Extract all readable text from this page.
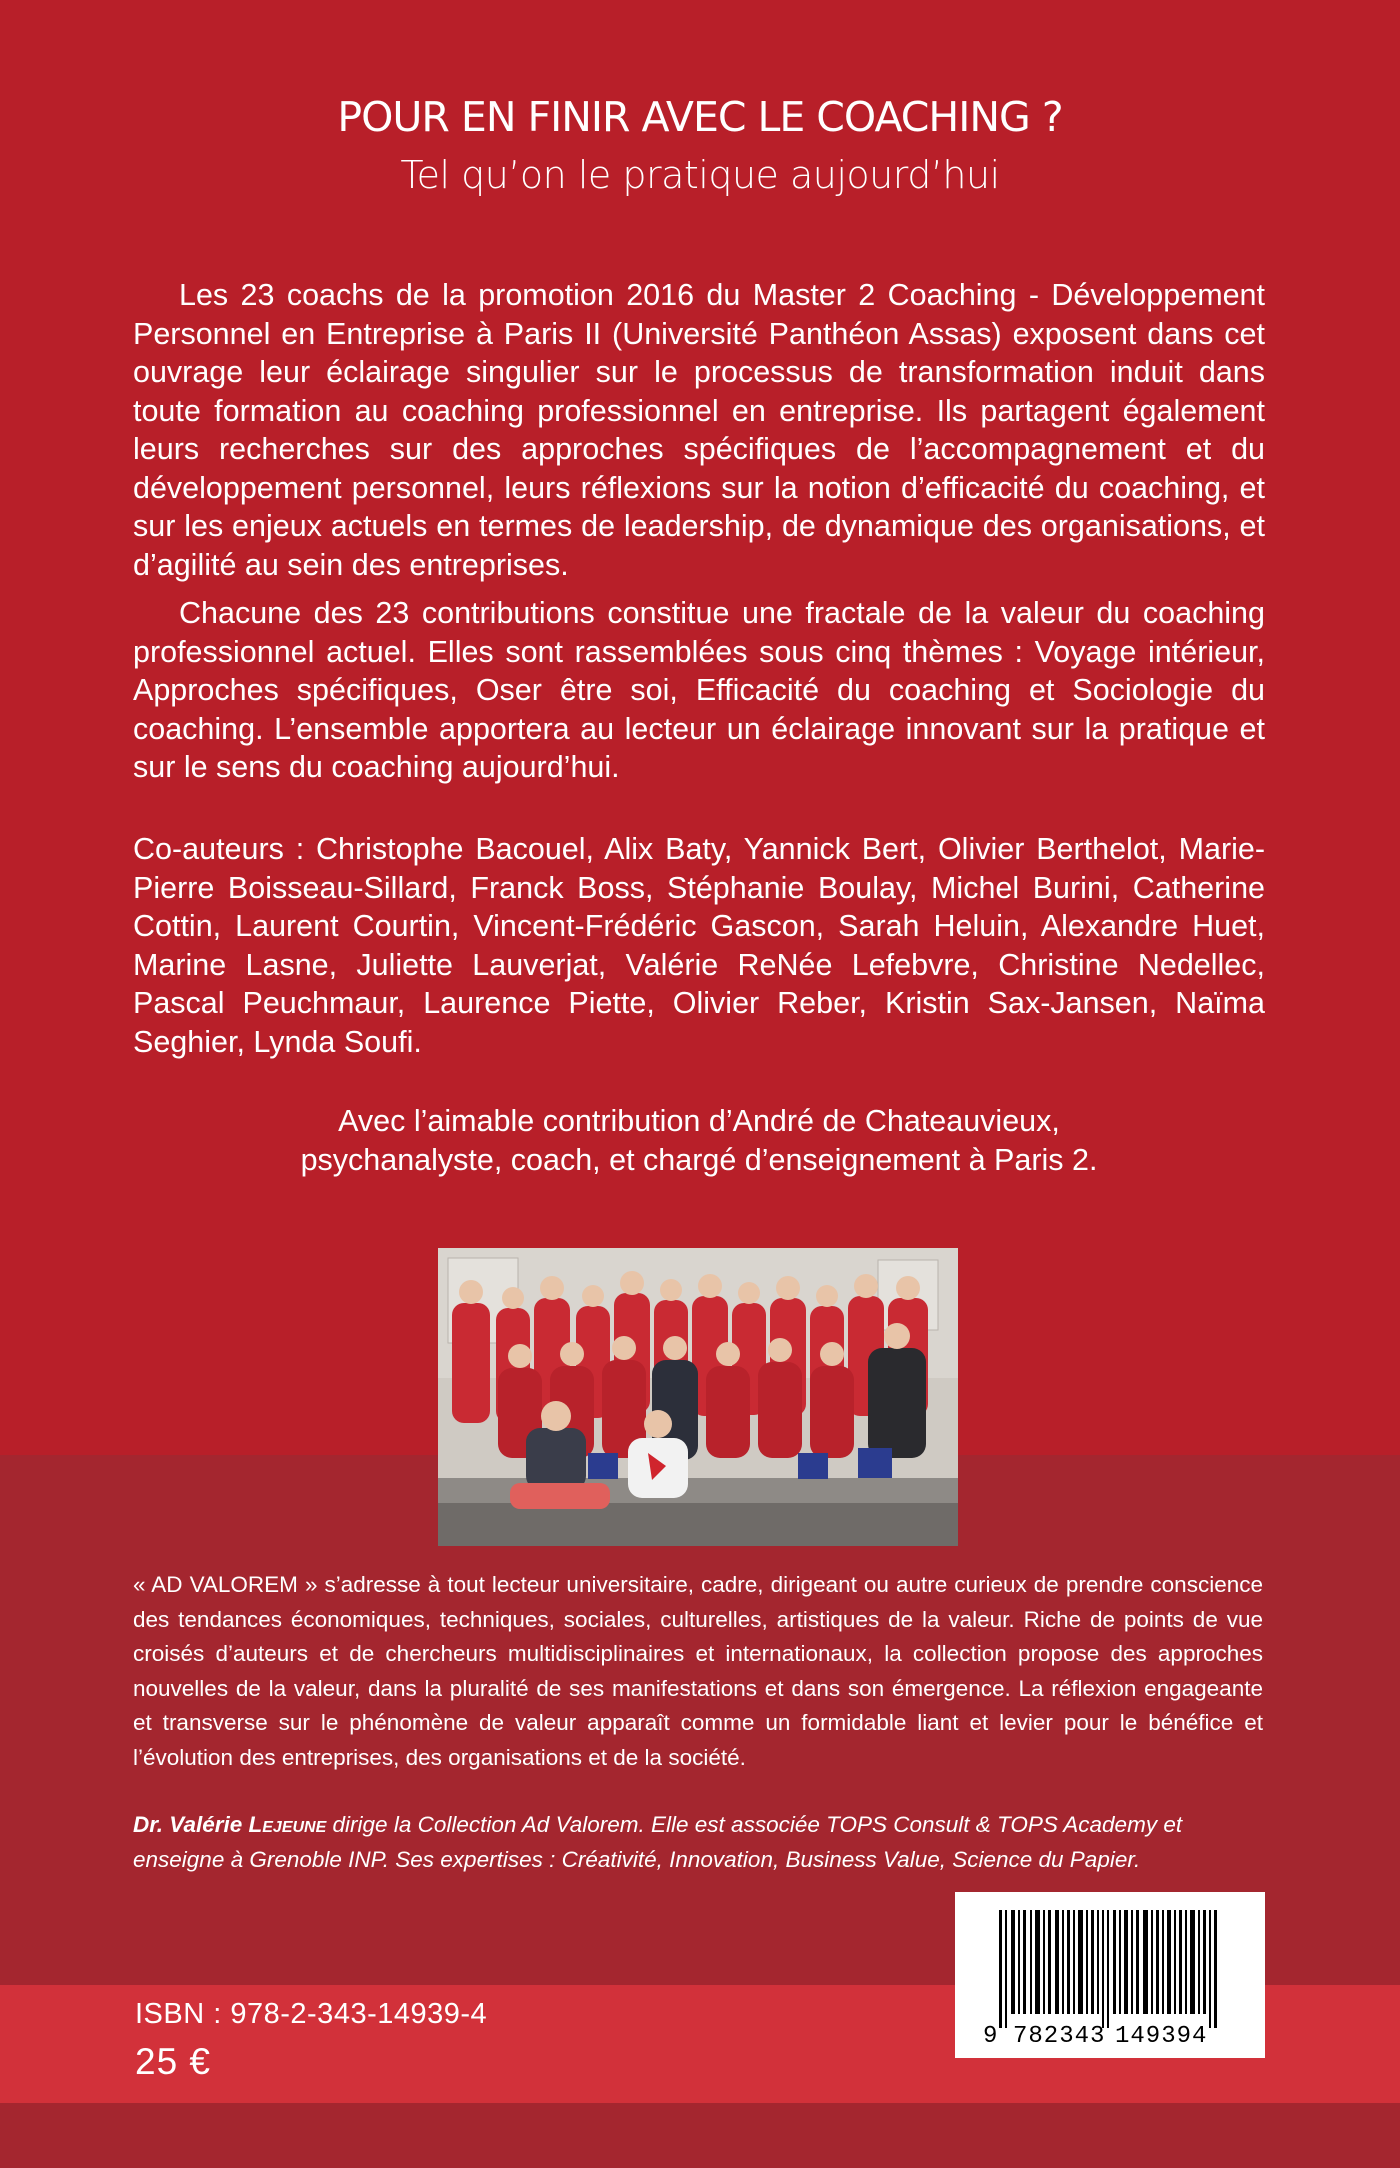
POUR EN FINIR AVEC LE COACHING ?
Tel qu’on le pratique aujourd’hui

Les 23 coachs de la promotion 2016 du Master 2 Coaching - Développement Personnel en Entreprise à Paris II (Université Panthéon Assas) exposent dans cet ouvrage leur éclairage singulier sur le processus de transformation induit dans toute formation au coaching professionnel en entreprise. Ils partagent également leurs recherches sur des approches spécifiques de l’accompagnement et du développement personnel, leurs réflexions sur la notion d’efficacité du coaching, et sur les enjeux actuels en termes de leadership, de dynamique des organisations, et d’agilité au sein des entreprises.

Chacune des 23 contributions constitue une fractale de la valeur du coaching professionnel actuel. Elles sont rassemblées sous cinq thèmes : Voyage intérieur, Approches spécifiques, Oser être soi, Efficacité du coaching et Sociologie du coaching. L’ensemble apportera au lecteur un éclairage innovant sur la pratique et sur le sens du coaching aujourd’hui.

Co-auteurs : Christophe Bacouel, Alix Baty, Yannick Bert, Olivier Berthelot, Marie-Pierre Boisseau-Sillard, Franck Boss, Stéphanie Boulay, Michel Burini, Catherine Cottin, Laurent Courtin, Vincent-Frédéric Gascon, Sarah Heluin, Alexandre Huet, Marine Lasne, Juliette Lauverjat, Valérie ReNée Lefebvre, Christine Nedellec, Pascal Peuchmaur, Laurence Piette, Olivier Reber, Kristin Sax-Jansen, Naïma Seghier, Lynda Soufi.

Avec l’aimable contribution d’André de Chateauvieux,
psychanalyste, coach, et chargé d’enseignement à Paris 2.

« AD VALOREM » s’adresse à tout lecteur universitaire, cadre, dirigeant ou autre curieux de prendre conscience des tendances économiques, techniques, sociales, culturelles, artistiques de la valeur. Riche de points de vue croisés d’auteurs et de chercheurs multidisciplinaires et internationaux, la collection propose des approches nouvelles de la valeur, dans la pluralité de ses manifestations et dans son émergence. La réflexion engageante et transverse sur le phénomène de valeur apparaît comme un formidable liant et levier pour le bénéfice et l’évolution des entreprises, des organisations et de la société.

Dr. Valérie Lejeune dirige la Collection Ad Valorem. Elle est associée TOPS Consult & TOPS Academy et enseigne à Grenoble INP. Ses expertises : Créativité, Innovation, Business Value, Science du Papier.

9 782343 149394
ISBN : 978-2-343-14939-4
25 €
